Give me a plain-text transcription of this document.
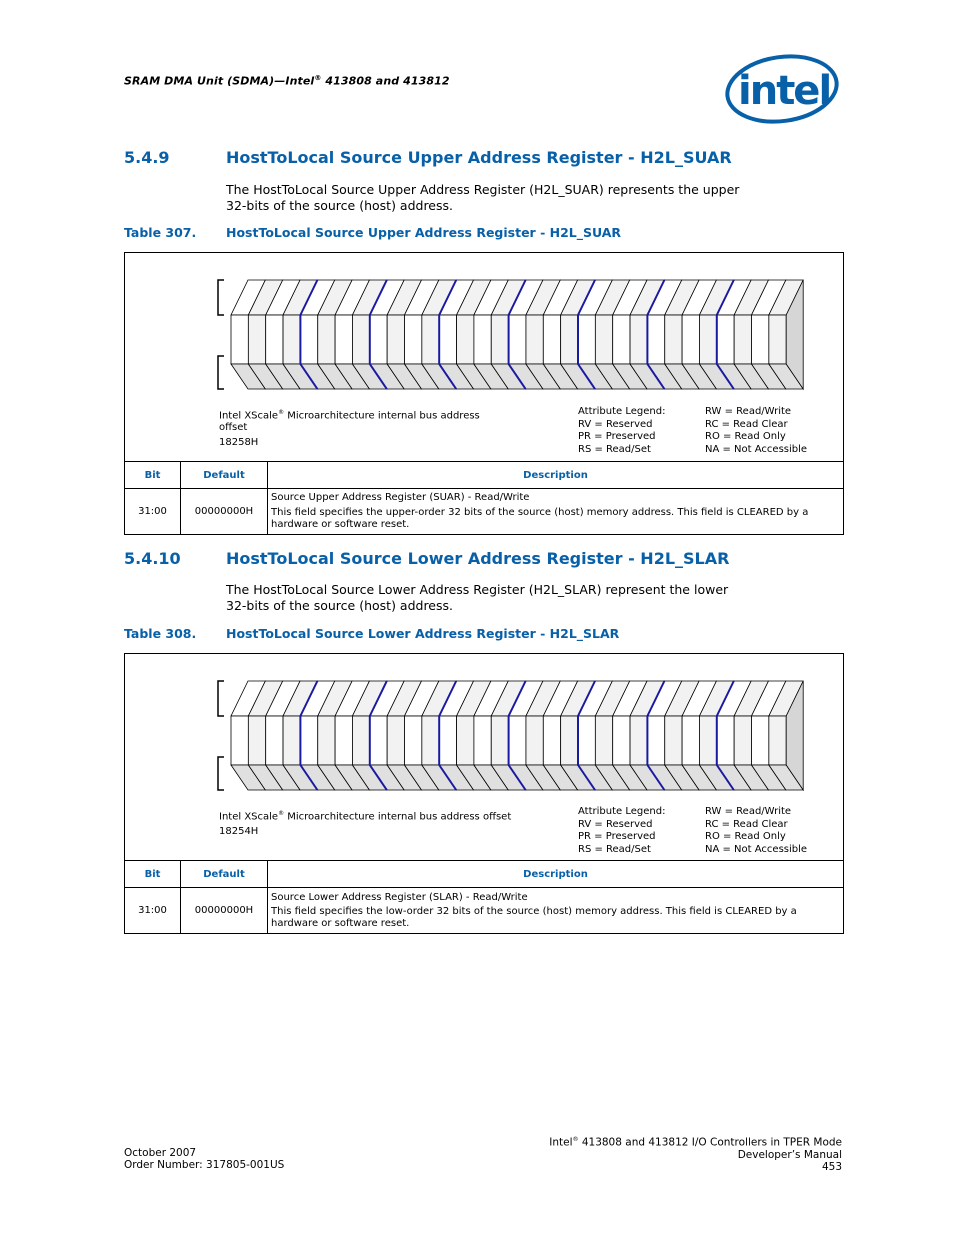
SRAM DMA Unit (SDMA)—Intel® 413808 and 413812	intel
5.4.9	HostToLocal Source Upper Address Register - H2L_SUAR
The HostToLocal Source Upper Address Register (H2L_SUAR) represents the upper
32-bits of the source (host) address.
Table 307. HostToLocal Source Upper Address Register - H2L_SUAR
Intel XScale® Microarchitecture internal bus address
offset
18258H
Attribute Legend:
RV = Reserved
PR = Preserved
RS = Read/Set
RW = Read/Write
RC = Read Clear
RO = Read Only
NA = Not Accessible
Bit	Default	Description
31:00	00000000H	Source Upper Address Register (SUAR) - Read/Write
This field specifies the upper-order 32 bits of the source (host) memory address. This field is CLEARED by a hardware or software reset.
5.4.10	HostToLocal Source Lower Address Register - H2L_SLAR
The HostToLocal Source Lower Address Register (H2L_SLAR) represent the lower
32-bits of the source (host) address.
Table 308. HostToLocal Source Lower Address Register - H2L_SLAR
Intel XScale® Microarchitecture internal bus address offset
18254H
Attribute Legend:
RV = Reserved
PR = Preserved
RS = Read/Set
RW = Read/Write
RC = Read Clear
RO = Read Only
NA = Not Accessible
Bit	Default	Description
31:00	00000000H	Source Lower Address Register (SLAR) - Read/Write
This field specifies the low-order 32 bits of the source (host) memory address. This field is CLEARED by a hardware or software reset.
October 2007
Order Number: 317805-001US
Intel® 413808 and 413812 I/O Controllers in TPER Mode
Developer’s Manual
453
